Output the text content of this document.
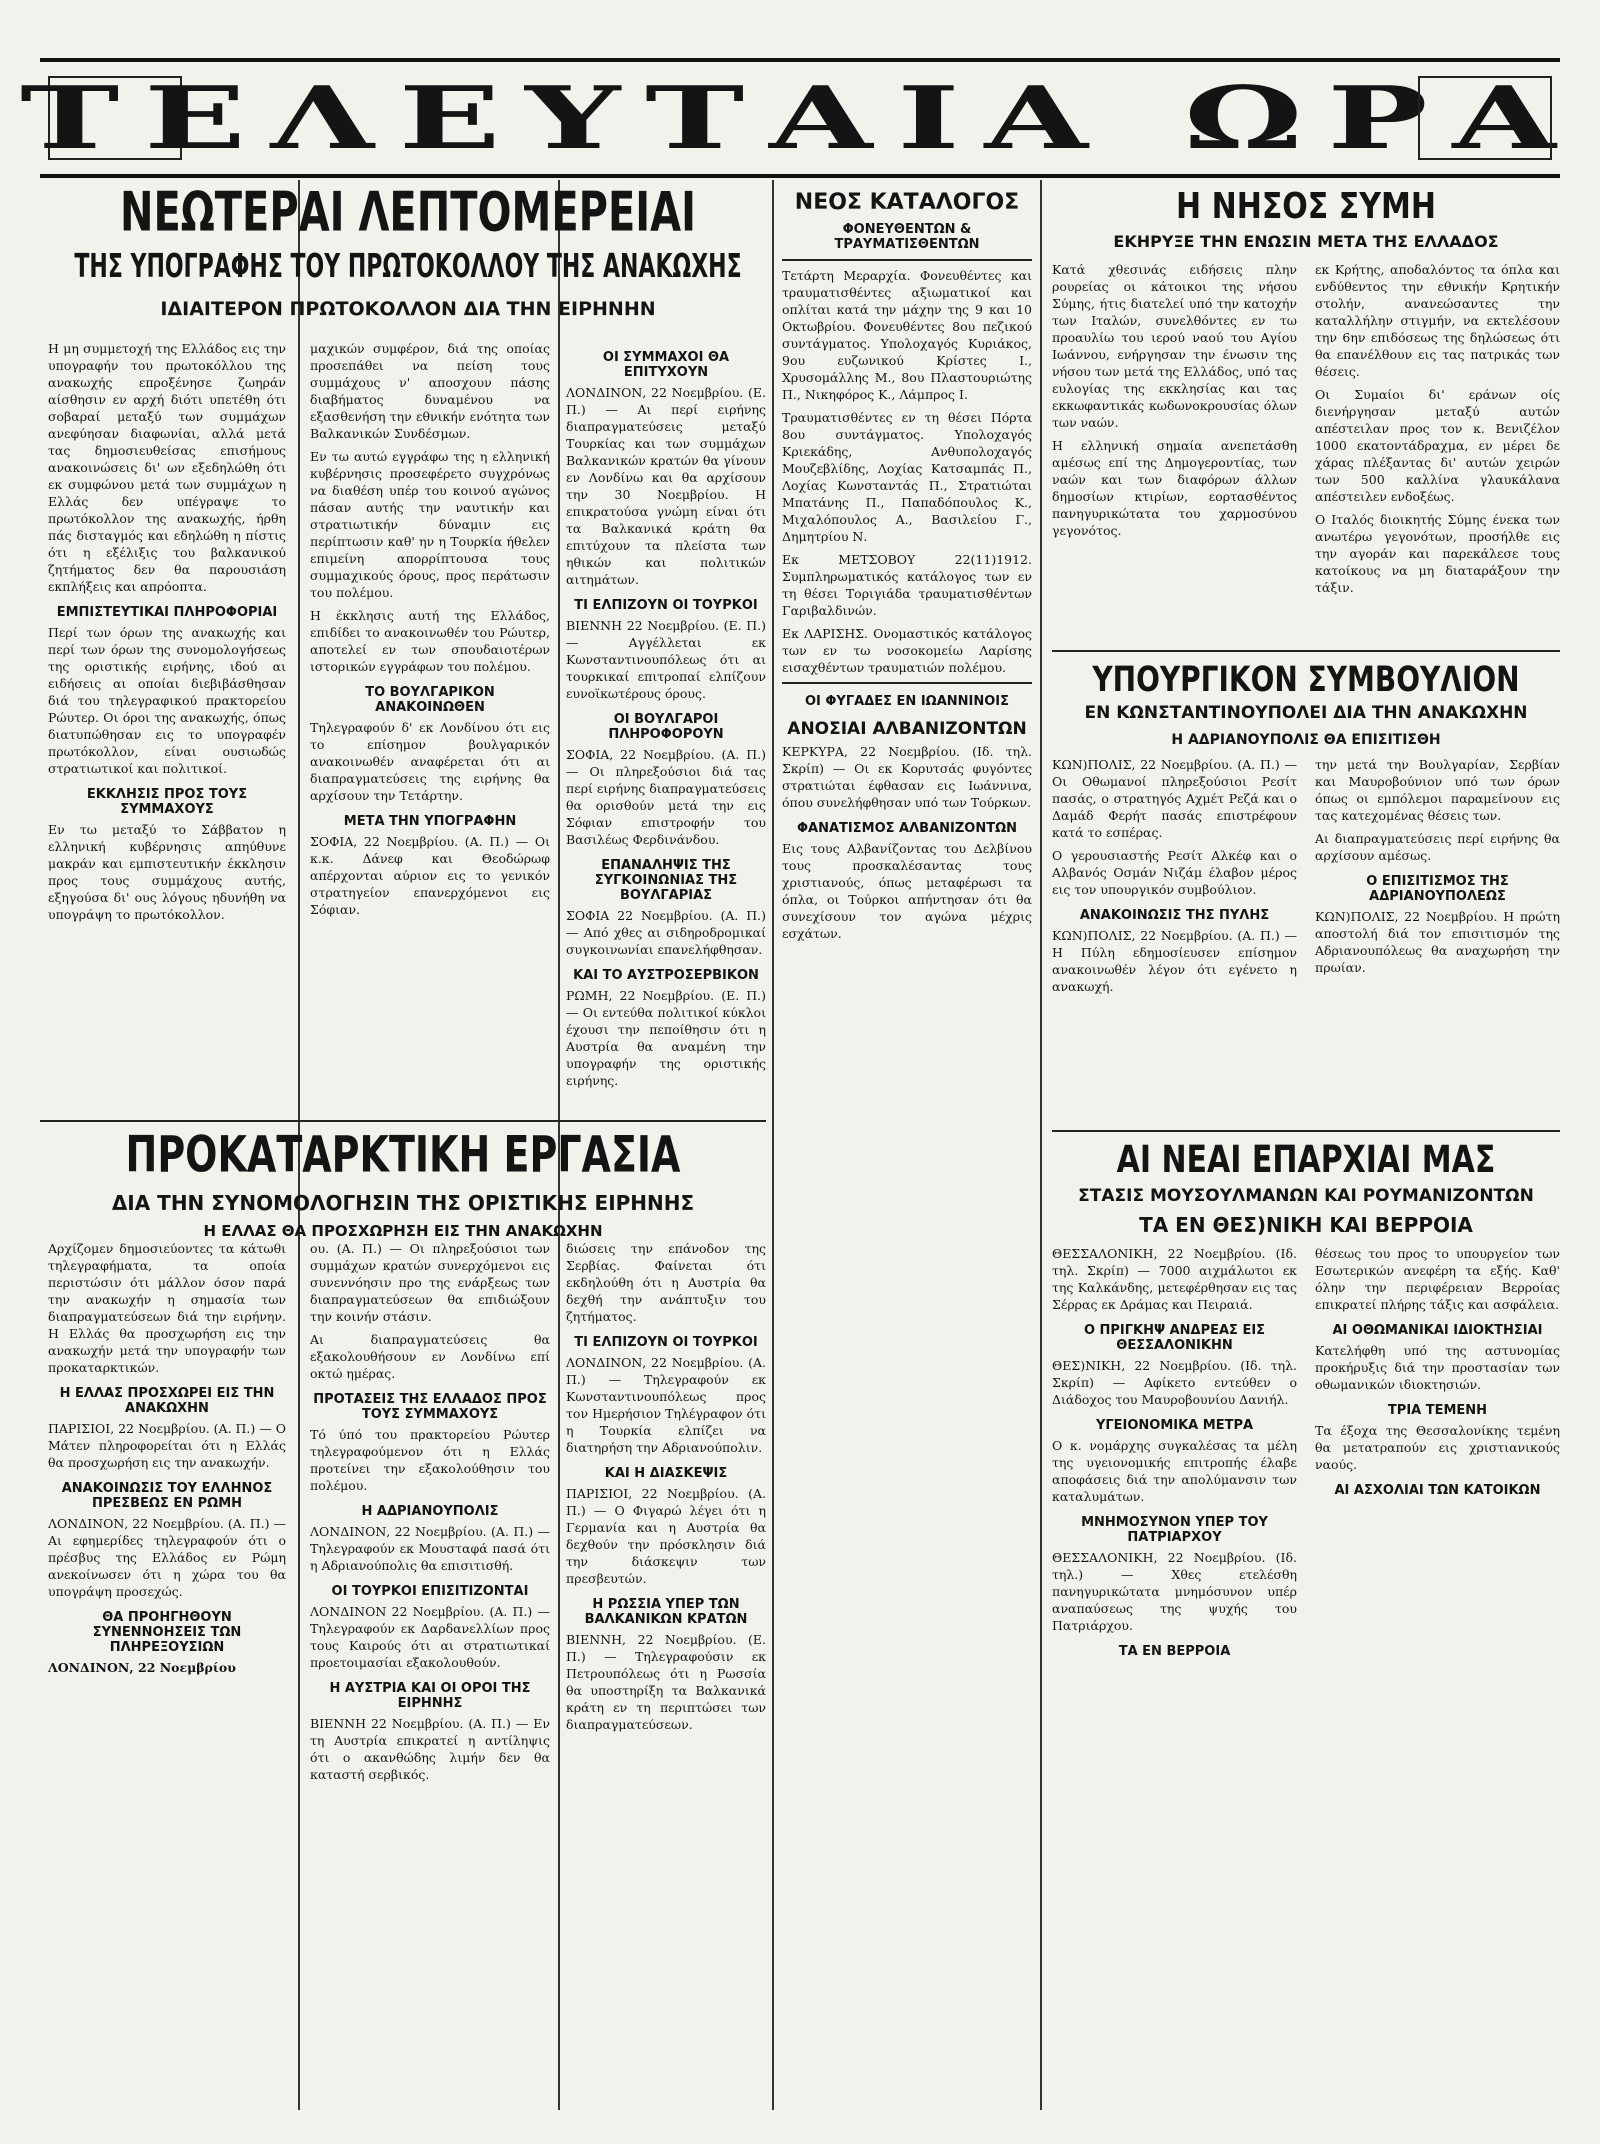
ΤΕΛΕΥΤΑΙΑ ΩΡΑ
ΝΕΩΤΕΡΑΙ ΛΕΠΤΟΜΕΡΕΙΑΙ
ΤΗΣ ΥΠΟΓΡΑΦΗΣ ΤΟΥ ΠΡΩΤΟΚΟΛΛΟΥ ΤΗΣ ΑΝΑΚΩΧΗΣ
ΙΔΙΑΙΤΕΡΟΝ ΠΡΩΤΟΚΟΛΛΟΝ ΔΙΑ ΤΗΝ ΕΙΡΗΝΗΝ

Η μη συμμετοχή της Ελλάδος εις την υπογραφήν του πρωτοκόλλου της ανακωχής επροξένησε ζωηράν αίσθησιν εν αρχή διότι υπετέθη ότι σοβαραί μεταξύ των συμμάχων ανεφύησαν διαφωνίαι, αλλά μετά τας δημοσιευθείσας επισήμους ανακοινώσεις δι' ων εξεδηλώθη ότι εκ συμφώνου μετά των συμμάχων η Ελλάς δεν υπέγραψε το πρωτόκολλον της ανακωχής, ήρθη πάς δισταγμός και εδηλώθη η πίστις ότι η εξέλιξις του βαλκανικού ζητήματος δεν θα παρουσιάση εκπλήξεις και απρόοπτα.

ΕΜΠΙΣΤΕΥΤΙΚΑΙ ΠΛΗΡΟΦΟΡΙΑΙ

Περί των όρων της ανακωχής και περί των όρων της συνομολογήσεως της οριστικής ειρήνης, ιδού αι ειδήσεις αι οποίαι διεβιβάσθησαν διά του τηλεγραφικού πρακτορείου Ρώυτερ. Οι όροι της ανακωχής, όπως διατυπώθησαν εις το υπογραφέν πρωτόκολλον, είναι ουσιωδώς στρατιωτικοί και πολιτικοί.

ΕΚΚΛΗΣΙΣ ΠΡΟΣ ΤΟΥΣ ΣΥΜΜΑΧΟΥΣ

Εν τω μεταξύ το Σάββατον η ελληνική κυβέρνησις απηύθυνε μακράν και εμπιστευτικήν έκκλησιν προς τους συμμάχους αυτής, εξηγούσα δι' ους λόγους ηδυνήθη να υπογράψη το πρωτόκολλον.

μαχικών συμφέρον, διά της οποίας προσεπάθει να πείση τους συμμάχους ν' αποσχουν πάσης διαβήματος δυναμένου να εξασθενήση την εθνικήν ενότητα των Βαλκανικών Συνδέσμων.

Εν τω αυτώ εγγράφω της η ελληνική κυβέρνησις προσεφέρετο συγχρόνως να διαθέση υπέρ του κοινού αγώνος πάσαν αυτής την ναυτικήν και στρατιωτικήν δύναμιν εις περίπτωσιν καθ' ην η Τουρκία ήθελεν επιμείνη απορρίπτουσα τους συμμαχικούς όρους, προς περάτωσιν του πολέμου.

Η έκκλησις αυτή της Ελλάδος, επιδίδει το ανακοινωθέν του Ρώυτερ, αποτελεί εν των σπουδαιοτέρων ιστορικών εγγράφων του πολέμου.

ΤΟ ΒΟΥΛΓΑΡΙΚΟΝ ΑΝΑΚΟΙΝΩΘΕΝ

Τηλεγραφούν δ' εκ Λονδίνου ότι εις το επίσημον βουλγαρικόν ανακοινωθέν αναφέρεται ότι αι διαπραγματεύσεις της ειρήνης θα αρχίσουν την Τετάρτην.

ΜΕΤΑ ΤΗΝ ΥΠΟΓΡΑΦΗΝ

ΣΟΦΙΑ, 22 Νοεμβρίου. (Α. Π.) — Οι κ.κ. Δάνεφ και Θεοδώρωφ απέρχονται αύριον εις το γενικόν στρατηγείον επανερχόμενοι εις Σόφιαν.

ΟΙ ΣΥΜΜΑΧΟΙ ΘΑ ΕΠΙΤΥΧΟΥΝ

ΛΟΝΔΙΝΟΝ, 22 Νοεμβρίου. (Ε. Π.) — Αι περί ειρήνης διαπραγματεύσεις μεταξύ Τουρκίας και των συμμάχων Βαλκανικών κρατών θα γίνουν εν Λονδίνω και θα αρχίσουν την 30 Νοεμβρίου. Η επικρατούσα γνώμη είναι ότι τα Βαλκανικά κράτη θα επιτύχουν τα πλείστα των ηθικών και πολιτικών αιτημάτων.

ΤΙ ΕΛΠΙΖΟΥΝ ΟΙ ΤΟΥΡΚΟΙ

ΒΙΕΝΝΗ 22 Νοεμβρίου. (Ε. Π.) — Αγγέλλεται εκ Κωνσταντινουπόλεως ότι αι τουρκικαί επιτροπαί ελπίζουν ευνοϊκωτέρους όρους.

ΟΙ ΒΟΥΛΓΑΡΟΙ ΠΛΗΡΟΦΟΡΟΥΝ

ΣΟΦΙΑ, 22 Νοεμβρίου. (Α. Π.) — Οι πληρεξούσιοι διά τας περί ειρήνης διαπραγματεύσεις θα ορισθούν μετά την εις Σόφιαν επιστροφήν του Βασιλέως Φερδινάνδου.

ΕΠΑΝΑΛΗΨΙΣ ΤΗΣ ΣΥΓΚΟΙΝΩΝΙΑΣ ΤΗΣ ΒΟΥΛΓΑΡΙΑΣ

ΣΟΦΙΑ 22 Νοεμβρίου. (Α. Π.) — Από χθες αι σιδηροδρομικαί συγκοινωνίαι επανελήφθησαν.

ΚΑΙ ΤΟ ΑΥΣΤΡΟΣΕΡΒΙΚΟΝ

ΡΩΜΗ, 22 Νοεμβρίου. (Ε. Π.) — Οι εντεύθα πολιτικοί κύκλοι έχουσι την πεποίθησιν ότι η Αυστρία θα αναμένη την υπογραφήν της οριστικής ειρήνης.

ΠΡΟΚΑΤΑΡΚΤΙΚΗ ΕΡΓΑΣΙΑ
ΔΙΑ ΤΗΝ ΣΥΝΟΜΟΛΟΓΗΣΙΝ ΤΗΣ ΟΡΙΣΤΙΚΗΣ ΕΙΡΗΝΗΣ
Η ΕΛΛΑΣ ΘΑ ΠΡΟΣΧΩΡΗΣΗ ΕΙΣ ΤΗΝ ΑΝΑΚΩΧΗΝ

Αρχίζομεν δημοσιεύοντες τα κάτωθι τηλεγραφήματα, τα οποία περιστώσιν ότι μάλλον όσον παρά την ανακωχήν η σημασία των διαπραγματεύσεων διά την ειρήνην. Η Ελλάς θα προσχωρήση εις την ανακωχήν μετά την υπογραφήν των προκαταρκτικών.

Η ΕΛΛΑΣ ΠΡΟΣΧΩΡΕΙ ΕΙΣ ΤΗΝ ΑΝΑΚΩΧΗΝ

ΠΑΡΙΣΙΟΙ, 22 Νοεμβρίου. (Α. Π.) — Ο Μάτεν πληροφορείται ότι η Ελλάς θα προσχωρήση εις την ανακωχήν.

ΑΝΑΚΟΙΝΩΣΙΣ ΤΟΥ ΕΛΛΗΝΟΣ ΠΡΕΣΒΕΩΣ ΕΝ ΡΩΜΗ

ΛΟΝΔΙΝΟΝ, 22 Νοεμβρίου. (Α. Π.) — Αι εφημερίδες τηλεγραφούν ότι ο πρέσβυς της Ελλάδος εν Ρώμη ανεκοίνωσεν ότι η χώρα του θα υπογράψη προσεχώς.

ΘΑ ΠΡΟΗΓΗΘΟΥΝ ΣΥΝΕΝΝΟΗΣΕΙΣ ΤΩΝ ΠΛΗΡΕΞΟΥΣΙΩΝ

ΛΟΝΔΙΝΟΝ, 22 Νοεμβρίου

ου. (Α. Π.) — Οι πληρεξούσιοι των συμμάχων κρατών συνερχόμενοι εις συνεννόησιν προ της ενάρξεως των διαπραγματεύσεων θα επιδιώξουν την κοινήν στάσιν.

Αι διαπραγματεύσεις θα εξακολουθήσουν εν Λονδίνω επί οκτώ ημέρας.

ΠΡΟΤΑΣΕΙΣ ΤΗΣ ΕΛΛΑΔΟΣ ΠΡΟΣ ΤΟΥΣ ΣΥΜΜΑΧΟΥΣ

Τό ύπό του πρακτορείου Ρώυτερ τηλεγραφούμενον ότι η Ελλάς προτείνει την εξακολούθησιν του πολέμου.

Η ΑΔΡΙΑΝΟΥΠΟΛΙΣ

ΛΟΝΔΙΝΟΝ, 22 Νοεμβρίου. (Α. Π.) — Τηλεγραφούν εκ Μουσταφά πασά ότι η Αδριανούπολις θα επισιτισθή.

ΟΙ ΤΟΥΡΚΟΙ ΕΠΙΣΙΤΙΖΟΝΤΑΙ

ΛΟΝΔΙΝΟΝ 22 Νοεμβρίου. (Α. Π.) — Τηλεγραφούν εκ Δαρδανελλίων προς τους Καιρούς ότι αι στρατιωτικαί προετοιμασίαι εξακολουθούν.

Η ΑΥΣΤΡΙΑ ΚΑΙ ΟΙ ΟΡΟΙ ΤΗΣ ΕΙΡΗΝΗΣ

ΒΙΕΝΝΗ 22 Νοεμβρίου. (Α. Π.) — Εν τη Αυστρία επικρατεί η αντίληψις ότι ο ακανθώδης λιμήν δεν θα καταστή σερβικός.

διώσεις την επάνοδον της Σερβίας. Φαίνεται ότι εκδηλούθη ότι η Αυστρία θα δεχθή την ανάπτυξιν του ζητήματος.

ΤΙ ΕΛΠΙΖΟΥΝ ΟΙ ΤΟΥΡΚΟΙ

ΛΟΝΔΙΝΟΝ, 22 Νοεμβρίου. (Α. Π.) — Τηλεγραφούν εκ Κωνσταντινουπόλεως προς τον Ημερήσιον Τηλέγραφον ότι η Τουρκία ελπίζει να διατηρήση την Αδριανούπολιν.

ΚΑΙ Η ΔΙΑΣΚΕΨΙΣ

ΠΑΡΙΣΙΟΙ, 22 Νοεμβρίου. (Α. Π.) — Ο Φιγαρώ λέγει ότι η Γερμανία και η Αυστρία θα δεχθούν την πρόσκλησιν διά την διάσκεψιν των πρεσβευτών.

Η ΡΩΣΣΙΑ ΥΠΕΡ ΤΩΝ ΒΑΛΚΑΝΙΚΩΝ ΚΡΑΤΩΝ

ΒΙΕΝΝΗ, 22 Νοεμβρίου. (Ε. Π.) — Τηλεγραφούσιν εκ Πετρουπόλεως ότι η Ρωσσία θα υποστηρίξη τα Βαλκανικά κράτη εν τη περιπτώσει των διαπραγματεύσεων.

ΝΕΟΣ ΚΑΤΑΛΟΓΟΣ
ΦΟΝΕΥΘΕΝΤΩΝ & ΤΡΑΥΜΑΤΙΣΘΕΝΤΩΝ

Τετάρτη Μεραρχία. Φονευθέντες και τραυματισθέντες αξιωματικοί και οπλίται κατά την μάχην της 9 και 10 Οκτωβρίου. Φονευθέντες 8ου πεζικού συντάγματος. Υπολοχαγός Κυριάκος, 9ου ευζωνικού Κρίστες Ι., Χρυσομάλλης Μ., 8ου Πλαστουριώτης Π., Νικηφόρος Κ., Λάμπρος Ι.

Τραυματισθέντες εν τη θέσει Πόρτα 8ου συντάγματος. Υπολοχαγός Κριεκάδης, Ανθυπολοχαγός Μουζεβλίδης, Λοχίας Κατσαμπάς Π., Λοχίας Κωνσταντάς Π., Στρατιώται Μπατάνης Π., Παπαδόπουλος Κ., Μιχαλόπουλος Α., Βασιλείου Γ., Δημητρίου Ν.

Εκ ΜΕΤΣΟΒΟΥ 22(11)1912. Συμπληρωματικός κατάλογος των εν τη θέσει Τοριγιάδα τραυματισθέντων Γαριβαλδινών.

Εκ ΛΑΡΙΣΗΣ. Ονομαστικός κατάλογος των εν τω νοσοκομείω Λαρίσης εισαχθέντων τραυματιών πολέμου.

ΟΙ ΦΥΓΑΔΕΣ ΕΝ ΙΩΑΝΝΙΝΟΙΣ
ΑΝΟΣΙΑΙ ΑΛΒΑΝΙΖΟΝΤΩΝ

ΚΕΡΚΥΡΑ, 22 Νοεμβρίου. (Ιδ. τηλ. Σκρίπ) — Οι εκ Κορυτσάς φυγόντες στρατιώται έφθασαν εις Ιωάννινα, όπου συνελήφθησαν υπό των Τούρκων.

ΦΑΝΑΤΙΣΜΟΣ ΑΛΒΑΝΙΖΟΝΤΩΝ

Εις τους Αλβανίζοντας του Δελβίνου τους προσκαλέσαντας τους χριστιανούς, όπως μεταφέρωσι τα όπλα, οι Τούρκοι απήντησαν ότι θα συνεχίσουν τον αγώνα μέχρις εσχάτων.

Η ΝΗΣΟΣ ΣΥΜΗ
ΕΚΗΡΥΞΕ ΤΗΝ ΕΝΩΣΙΝ ΜΕΤΑ ΤΗΣ ΕΛΛΑΔΟΣ

Κατά χθεσινάς ειδήσεις πλην ρουρείας οι κάτοικοι της νήσου Σύμης, ήτις διατελεί υπό την κατοχήν των Ιταλών, συνελθόντες εν τω προαυλίω του ιερού ναού του Αγίου Ιωάννου, ενήργησαν την ένωσιν της νήσου των μετά της Ελλάδος, υπό τας ευλογίας της εκκλησίας και τας εκκωφαντικάς κωδωνοκρουσίας όλων των ναών.

Η ελληνική σημαία ανεπετάσθη αμέσως επί της Δημογεροντίας, των ναών και των διαφόρων άλλων δημοσίων κτιρίων, εορτασθέντος πανηγυρικώτατα του χαρμοσύνου γεγονότος.

εκ Κρήτης, αποδαλόντος τα όπλα και ενδύθεντος την εθνικήν Κρητικήν στολήν, ανανεώσαντες την καταλλήλην στιγμήν, να εκτελέσουν την 6ην επιδόσεως της δηλώσεως ότι θα επανέλθουν εις τας πατρικάς των θέσεις.

Οι Συμαίοι δι' εράνων οίς διενήργησαν μεταξύ αυτών απέστειλαν προς τον κ. Βενιζέλον 1000 εκατοντάδραχμα, εν μέρει δε χάρας πλέξαντας δι' αυτών χειρών των 500 καλλίνα γλαυκάλανα απέστειλεν ενδοξέως.

Ο Ιταλός διοικητής Σύμης ένεκα των ανωτέρω γεγονότων, προσήλθε εις την αγοράν και παρεκάλεσε τους κατοίκους να μη διαταράξουν την τάξιν.

ΥΠΟΥΡΓΙΚΟΝ ΣΥΜΒΟΥΛΙΟΝ
ΕΝ ΚΩΝΣΤΑΝΤΙΝΟΥΠΟΛΕΙ ΔΙΑ ΤΗΝ ΑΝΑΚΩΧΗΝ
Η ΑΔΡΙΑΝΟΥΠΟΛΙΣ ΘΑ ΕΠΙΣΙΤΙΣΘΗ

ΚΩΝ)ΠΟΛΙΣ, 22 Νοεμβρίου. (Α. Π.) — Οι Οθωμανοί πληρεξούσιοι Ρεσίτ πασάς, ο στρατηγός Αχμέτ Ρεζά και ο Δαμάδ Φερήτ πασάς επιστρέφουν κατά το εσπέρας.

Ο γερουσιαστής Ρεσίτ Αλκέφ και ο Αλβανός Οσμάν Νιζάμ έλαβον μέρος εις τον υπουργικόν συμβούλιον.

ΑΝΑΚΟΙΝΩΣΙΣ ΤΗΣ ΠΥΛΗΣ

ΚΩΝ)ΠΟΛΙΣ, 22 Νοεμβρίου. (Α. Π.) — Η Πύλη εδημοσίευσεν επίσημον ανακοινωθέν λέγον ότι εγένετο η ανακωχή.

την μετά την Βουλγαρίαν, Σερβίαν και Μαυροβούνιον υπό των όρων όπως οι εμπόλεμοι παραμείνουν εις τας κατεχομένας θέσεις των.

Αι διαπραγματεύσεις περί ειρήνης θα αρχίσουν αμέσως.

Ο ΕΠΙΣΙΤΙΣΜΟΣ ΤΗΣ ΑΔΡΙΑΝΟΥΠΟΛΕΩΣ

ΚΩΝ)ΠΟΛΙΣ, 22 Νοεμβρίου. Η πρώτη αποστολή διά τον επισιτισμόν της Αδριανουπόλεως θα αναχωρήση την πρωίαν.

ΑΙ ΝΕΑΙ ΕΠΑΡΧΙΑΙ ΜΑΣ
ΣΤΑΣΙΣ ΜΟΥΣΟΥΛΜΑΝΩΝ ΚΑΙ ΡΟΥΜΑΝΙΖΟΝΤΩΝ
ΤΑ ΕΝ ΘΕΣ)ΝΙΚΗ ΚΑΙ ΒΕΡΡΟΙΑ

ΘΕΣΣΑΛΟΝΙΚΗ, 22 Νοεμβρίου. (Ιδ. τηλ. Σκρίπ) — 7000 αιχμάλωτοι εκ της Καλκάνδης, μετεφέρθησαν εις τας Σέρρας εκ Δράμας και Πειραιά.

Ο ΠΡΙΓΚΗΨ ΑΝΔΡΕΑΣ ΕΙΣ ΘΕΣΣΑΛΟΝΙΚΗΝ

ΘΕΣ)ΝΙΚΗ, 22 Νοεμβρίου. (Ιδ. τηλ. Σκρίπ) — Αφίκετο εντεύθεν ο Διάδοχος του Μαυροβουνίου Δανιήλ.

ΥΓΕΙΟΝΟΜΙΚΑ ΜΕΤΡΑ

Ο κ. νομάρχης συγκαλέσας τα μέλη της υγειονομικής επιτροπής έλαβε αποφάσεις διά την απολύμανσιν των καταλυμάτων.

ΜΝΗΜΟΣΥΝΟΝ ΥΠΕΡ ΤΟΥ ΠΑΤΡΙΑΡΧΟΥ

ΘΕΣΣΑΛΟΝΙΚΗ, 22 Νοεμβρίου. (Ιδ. τηλ.) — Χθες ετελέσθη πανηγυρικώτατα μνημόσυνον υπέρ αναπαύσεως της ψυχής του Πατριάρχου.

ΤΑ ΕΝ ΒΕΡΡΟΙΑ

θέσεως του προς το υπουργείον των Εσωτερικών ανεφέρη τα εξής. Καθ' όλην την περιφέρειαν Βερροίας επικρατεί πλήρης τάξις και ασφάλεια.

ΑΙ ΟΘΩΜΑΝΙΚΑΙ ΙΔΙΟΚΤΗΣΙΑΙ

Κατελήφθη υπό της αστυνομίας προκήρυξις διά την προστασίαν των οθωμανικών ιδιοκτησιών.

ΤΡΙΑ ΤΕΜΕΝΗ

Τα έξοχα της Θεσσαλονίκης τεμένη θα μετατραπούν εις χριστιανικούς ναούς.

ΑΙ ΑΣΧΟΛΙΑΙ ΤΩΝ ΚΑΤΟΙΚΩΝ
